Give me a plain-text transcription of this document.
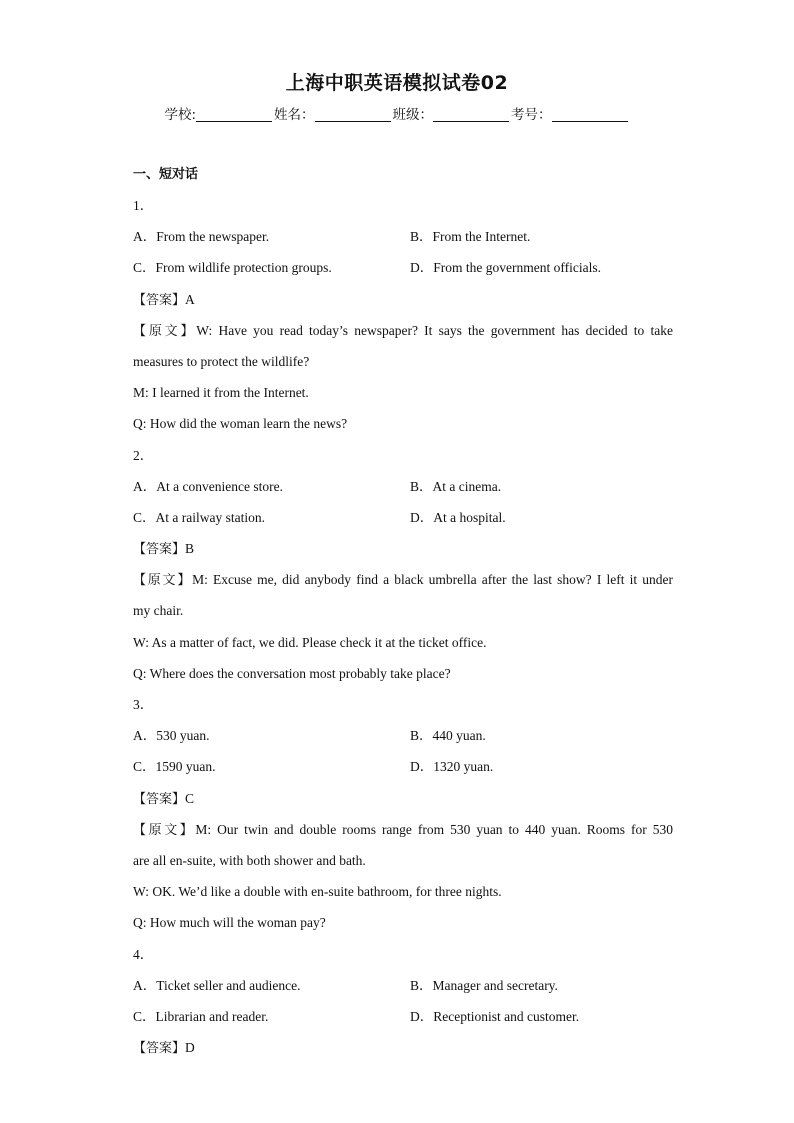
上海中职英语模拟试卷02
学校:	姓名：	班级：	考号：
一、短对话
1．
A．From the newspaper.	B．From the Internet.
C．From wildlife protection groups.	D．From the government officials.
【答案】A
【原文】W: Have you read today’s newspaper? It says the government has decided to take
measures to protect the wildlife?
M: I learned it from the Internet.
Q: How did the woman learn the news?
2．
A．At a convenience store.	B．At a cinema.
C．At a railway station.	D．At a hospital.
【答案】B
【原文】M: Excuse me, did anybody find a black umbrella after the last show? I left it under
my chair.
W: As a matter of fact, we did. Please check it at the ticket office.
Q: Where does the conversation most probably take place?
3．
A．530 yuan.	B．440 yuan.
C．1590 yuan.	D．1320 yuan.
【答案】C
【原文】M: Our twin and double rooms range from 530 yuan to 440 yuan. Rooms for 530
are all en-suite, with both shower and bath.
W: OK. We’d like a double with en-suite bathroom, for three nights.
Q: How much will the woman pay?
4．
A．Ticket seller and audience.	B．Manager and secretary.
C．Librarian and reader.	D．Receptionist and customer.
【答案】D
